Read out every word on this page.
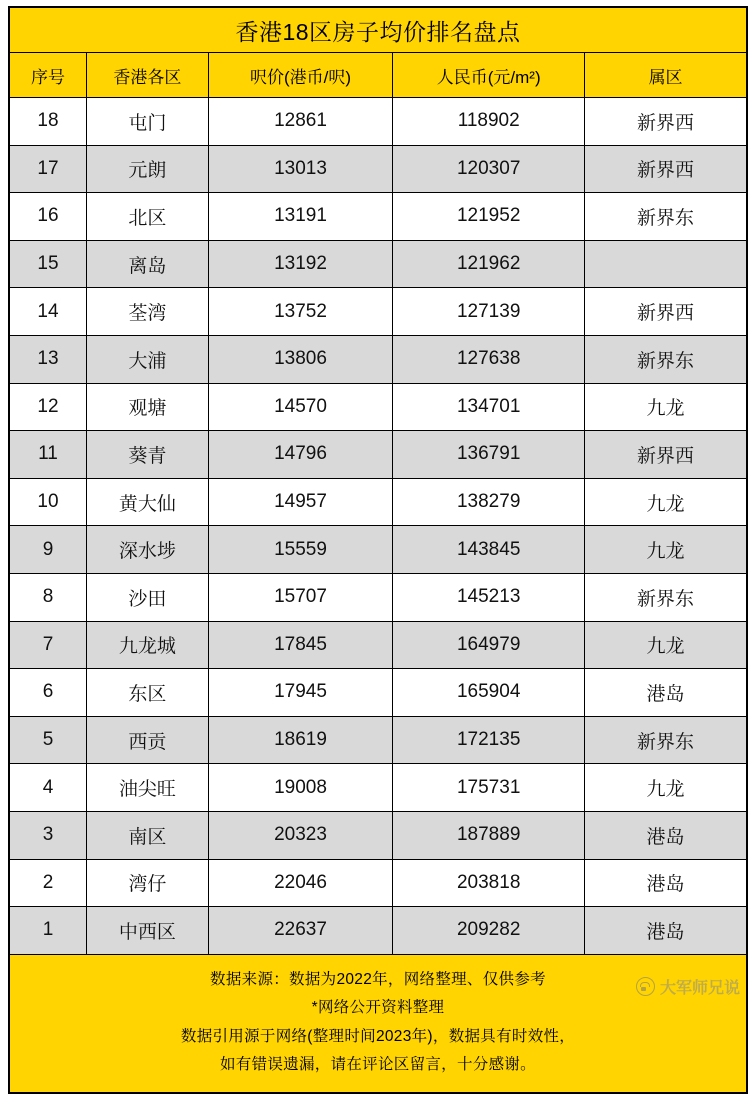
香港18区房子均价排名盘点				
序号	香港各区	呎价(港币/呎)	人民币(元/m²)	属区
18	屯门	12861	118902	新界西
17	元朗	13013	120307	新界西
16	北区	13191	121952	新界东
15	离岛	13192	121962	
14	荃湾	13752	127139	新界西
13	大浦	13806	127638	新界东
12	观塘	14570	134701	九龙
11	葵青	14796	136791	新界西
10	黄大仙	14957	138279	九龙
9	深水埗	15559	143845	九龙
8	沙田	15707	145213	新界东
7	九龙城	17845	164979	九龙
6	东区	17945	165904	港岛
5	西贡	18619	172135	新界东
4	油尖旺	19008	175731	九龙
3	南区	20323	187889	港岛
2	湾仔	22046	203818	港岛
1	中西区	22637	209282	港岛

数据来源：数据为2022年，网络整理、仅供参考
*网络公开资料整理
数据引用源于网络(整理时间2023年)，数据具有时效性，
如有错误遗漏，请在评论区留言，十分感谢。				
大军师兄说
